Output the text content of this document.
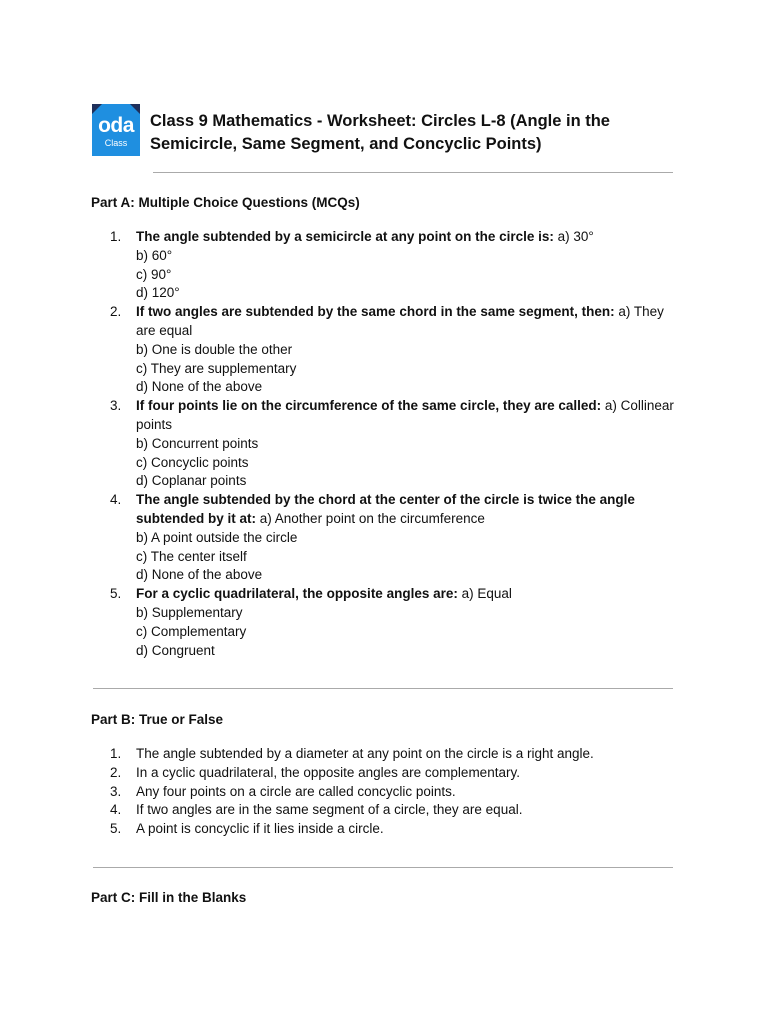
oda
Class
Class 9 Mathematics - Worksheet: Circles L-8 (Angle in the Semicircle, Same Segment, and Concyclic Points)
Part A: Multiple Choice Questions (MCQs)
1.	The angle subtended by a semicircle at any point on the circle is: a) 30°
b) 60°
c) 90°
d) 120°
2.	If two angles are subtended by the same chord in the same segment, then: a) They are equal
b) One is double the other
c) They are supplementary
d) None of the above
3.	If four points lie on the circumference of the same circle, they are called: a) Collinear points
b) Concurrent points
c) Concyclic points
d) Coplanar points
4.	The angle subtended by the chord at the center of the circle is twice the angle subtended by it at: a) Another point on the circumference
b) A point outside the circle
c) The center itself
d) None of the above
5.	For a cyclic quadrilateral, the opposite angles are: a) Equal
b) Supplementary
c) Complementary
d) Congruent
Part B: True or False
1. The angle subtended by a diameter at any point on the circle is a right angle.
2. In a cyclic quadrilateral, the opposite angles are complementary.
3. Any four points on a circle are called concyclic points.
4. If two angles are in the same segment of a circle, they are equal.
5. A point is concyclic if it lies inside a circle.
Part C: Fill in the Blanks
